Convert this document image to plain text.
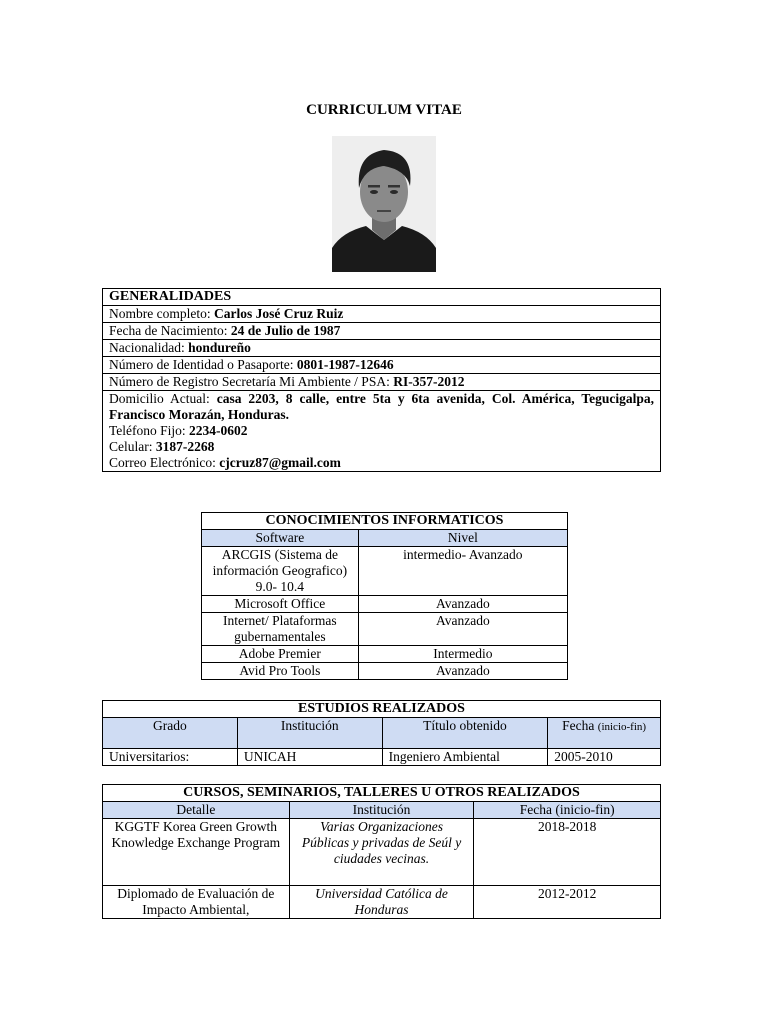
CURRICULUM VITAE
GENERALIDADES
Nombre completo: Carlos José Cruz Ruiz
Fecha de Nacimiento: 24 de Julio de 1987
Nacionalidad: hondureño
Número de Identidad o Pasaporte: 0801-1987-12646
Número de Registro Secretaría Mi Ambiente / PSA: RI-357-2012

Domicilio Actual: casa 2203, 8 calle, entre 5ta y 6ta avenida, Col. América, Tegucigalpa, Francisco Morazán, Honduras.
Teléfono Fijo: 2234-0602
Celular: 3187-2268
Correo Electrónico: cjcruz87@gmail.com
CONOCIMIENTOS INFORMATICOS	
Software	Nivel
ARCGIS (Sistema de información Geografico) 9.0- 10.4	intermedio- Avanzado
Microsoft Office	Avanzado
Internet/ Plataformas gubernamentales	Avanzado
Adobe Premier	Intermedio
Avid Pro Tools	Avanzado
ESTUDIOS REALIZADOS			
Grado	Institución	Título obtenido	Fecha (inicio-fin)
Universitarios:	UNICAH	Ingeniero Ambiental	2005-2010
CURSOS, SEMINARIOS, TALLERES U OTROS REALIZADOS		
Detalle	Institución	Fecha (inicio-fin)
KGGTF Korea Green Growth Knowledge Exchange Program	Varias Organizaciones Públicas y privadas de Seúl y ciudades vecinas.	2018-2018
Diplomado de Evaluación de Impacto Ambiental,	Universidad Católica de Honduras	2012-2012
